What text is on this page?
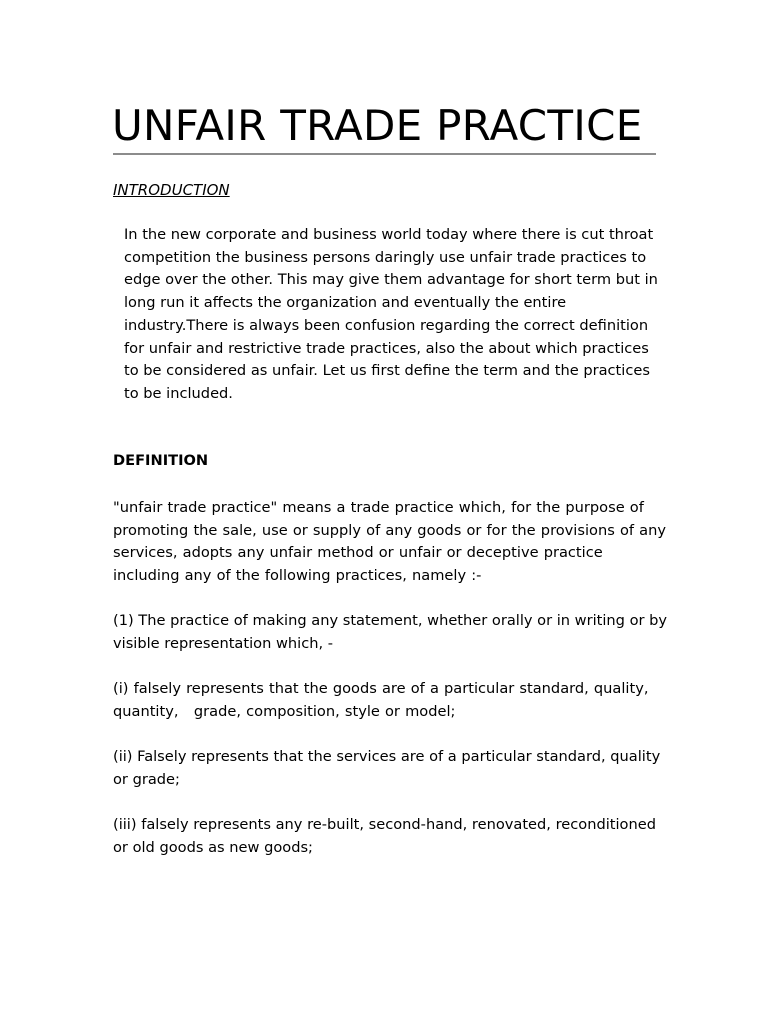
UNFAIR TRADE PRACTICE
INTRODUCTION

In the new corporate and business world today where there is cut throat competition the business persons daringly use unfair trade practices to edge over the other. This may give them advantage for short term but in long run it affects the organization and eventually the entire industry.There is always been confusion regarding the correct definition for unfair and restrictive trade practices, also the about which practices to be considered as unfair. Let us first define the term and the practices to be included.

DEFINITION

"unfair trade practice" means a trade practice which, for the purpose of promoting the sale, use or supply of any goods or for the provisions of any services, adopts any unfair method or unfair or deceptive practice including any of the following practices, namely :-

(1) The practice of making any statement, whether orally or in writing or by visible representation which, -

(i) falsely represents that the goods are of a particular standard, quality, quantity,   grade, composition, style or model;

(ii) Falsely represents that the services are of a particular standard, quality or grade;

(iii) falsely represents any re-built, second-hand, renovated, reconditioned or old goods as new goods;
